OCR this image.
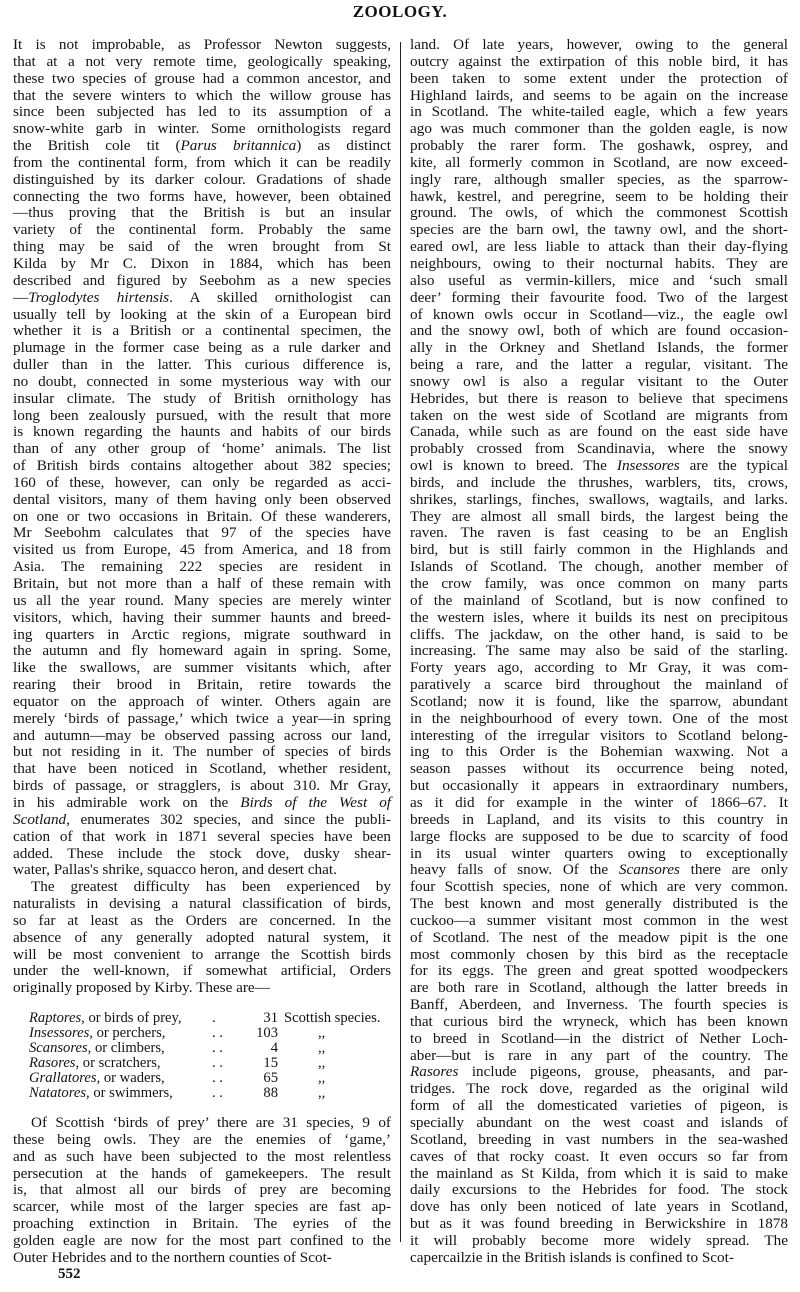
ZOOLOGY.
It is not improbable, as Professor Newton suggests,
that at a not very remote time, geologically speaking,
these two species of grouse had a common ancestor, and
that the severe winters to which the willow grouse has
since been subjected has led to its assumption of a
snow-white garb in winter. Some ornithologists regard
the British cole tit (Parus britannica) as distinct
from the continental form, from which it can be readily
distinguished by its darker colour. Gradations of shade
connecting the two forms have, however, been obtained
—thus proving that the British is but an insular
variety of the continental form. Probably the same
thing may be said of the wren brought from St
Kilda by Mr C. Dixon in 1884, which has been
described and figured by Seebohm as a new species
—Troglodytes hirtensis. A skilled ornithologist can
usually tell by looking at the skin of a European bird
whether it is a British or a continental specimen, the
plumage in the former case being as a rule darker and
duller than in the latter. This curious difference is,
no doubt, connected in some mysterious way with our
insular climate. The study of British ornithology has
long been zealously pursued, with the result that more
is known regarding the haunts and habits of our birds
than of any other group of ‘home’ animals. The list
of British birds contains altogether about 382 species;
160 of these, however, can only be regarded as acci-
dental visitors, many of them having only been observed
on one or two occasions in Britain. Of these wanderers,
Mr Seebohm calculates that 97 of the species have
visited us from Europe, 45 from America, and 18 from
Asia. The remaining 222 species are resident in
Britain, but not more than a half of these remain with
us all the year round. Many species are merely winter
visitors, which, having their summer haunts and breed-
ing quarters in Arctic regions, migrate southward in
the autumn and fly homeward again in spring. Some,
like the swallows, are summer visitants which, after
rearing their brood in Britain, retire towards the
equator on the approach of winter. Others again are
merely ‘birds of passage,’ which twice a year—in spring
and autumn—may be observed passing across our land,
but not residing in it. The number of species of birds
that have been noticed in Scotland, whether resident,
birds of passage, or stragglers, is about 310. Mr Gray,
in his admirable work on the Birds of the West of
Scotland, enumerates 302 species, and since the publi-
cation of that work in 1871 several species have been
added. These include the stock dove, dusky shear-
water, Pallas's shrike, squacco heron, and desert chat.
The greatest difficulty has been experienced by
naturalists in devising a natural classification of birds,
so far at least as the Orders are concerned. In the
absence of any generally adopted natural system, it
will be most convenient to arrange the Scottish birds
under the well-known, if somewhat artificial, Orders
originally proposed by Kirby. These are—
Raptores, or birds of prey,	.	31 Scottish species.
Insessores, or perchers,	. .	103	,,
Scansores, or climbers,	. .	4	,,
Rasores, or scratchers,	. .	15	,,
Grallatores, or waders,	. .	65	,,
Natatores, or swimmers,	. .	88	,,
Of Scottish ‘birds of prey’ there are 31 species, 9 of
these being owls. They are the enemies of ‘game,’
and as such have been subjected to the most relentless
persecution at the hands of gamekeepers. The result
is, that almost all our birds of prey are becoming
scarcer, while most of the larger species are fast ap-
proaching extinction in Britain. The eyries of the
golden eagle are now for the most part confined to the
Outer Hebrides and to the northern counties of Scot-
land. Of late years, however, owing to the general
outcry against the extirpation of this noble bird, it has
been taken to some extent under the protection of
Highland lairds, and seems to be again on the increase
in Scotland. The white-tailed eagle, which a few years
ago was much commoner than the golden eagle, is now
probably the rarer form. The goshawk, osprey, and
kite, all formerly common in Scotland, are now exceed-
ingly rare, although smaller species, as the sparrow-
hawk, kestrel, and peregrine, seem to be holding their
ground. The owls, of which the commonest Scottish
species are the barn owl, the tawny owl, and the short-
eared owl, are less liable to attack than their day-flying
neighbours, owing to their nocturnal habits. They are
also useful as vermin-killers, mice and ‘such small
deer’ forming their favourite food. Two of the largest
of known owls occur in Scotland—viz., the eagle owl
and the snowy owl, both of which are found occasion-
ally in the Orkney and Shetland Islands, the former
being a rare, and the latter a regular, visitant. The
snowy owl is also a regular visitant to the Outer
Hebrides, but there is reason to believe that specimens
taken on the west side of Scotland are migrants from
Canada, while such as are found on the east side have
probably crossed from Scandinavia, where the snowy
owl is known to breed. The Insessores are the typical
birds, and include the thrushes, warblers, tits, crows,
shrikes, starlings, finches, swallows, wagtails, and larks.
They are almost all small birds, the largest being the
raven. The raven is fast ceasing to be an English
bird, but is still fairly common in the Highlands and
Islands of Scotland. The chough, another member of
the crow family, was once common on many parts
of the mainland of Scotland, but is now confined to
the western isles, where it builds its nest on precipitous
cliffs. The jackdaw, on the other hand, is said to be
increasing. The same may also be said of the starling.
Forty years ago, according to Mr Gray, it was com-
paratively a scarce bird throughout the mainland of
Scotland; now it is found, like the sparrow, abundant
in the neighbourhood of every town. One of the most
interesting of the irregular visitors to Scotland belong-
ing to this Order is the Bohemian waxwing. Not a
season passes without its occurrence being noted,
but occasionally it appears in extraordinary numbers,
as it did for example in the winter of 1866–67. It
breeds in Lapland, and its visits to this country in
large flocks are supposed to be due to scarcity of food
in its usual winter quarters owing to exceptionally
heavy falls of snow. Of the Scansores there are only
four Scottish species, none of which are very common.
The best known and most generally distributed is the
cuckoo—a summer visitant most common in the west
of Scotland. The nest of the meadow pipit is the one
most commonly chosen by this bird as the receptacle
for its eggs. The green and great spotted woodpeckers
are both rare in Scotland, although the latter breeds in
Banff, Aberdeen, and Inverness. The fourth species is
that curious bird the wryneck, which has been known
to breed in Scotland—in the district of Nether Loch-
aber—but is rare in any part of the country. The
Rasores include pigeons, grouse, pheasants, and par-
tridges. The rock dove, regarded as the original wild
form of all the domesticated varieties of pigeon, is
specially abundant on the west coast and islands of
Scotland, breeding in vast numbers in the sea-washed
caves of that rocky coast. It even occurs so far from
the mainland as St Kilda, from which it is said to make
daily excursions to the Hebrides for food. The stock
dove has only been noticed of late years in Scotland,
but as it was found breeding in Berwickshire in 1878
it will probably become more widely spread. The
capercailzie in the British islands is confined to Scot-
552
